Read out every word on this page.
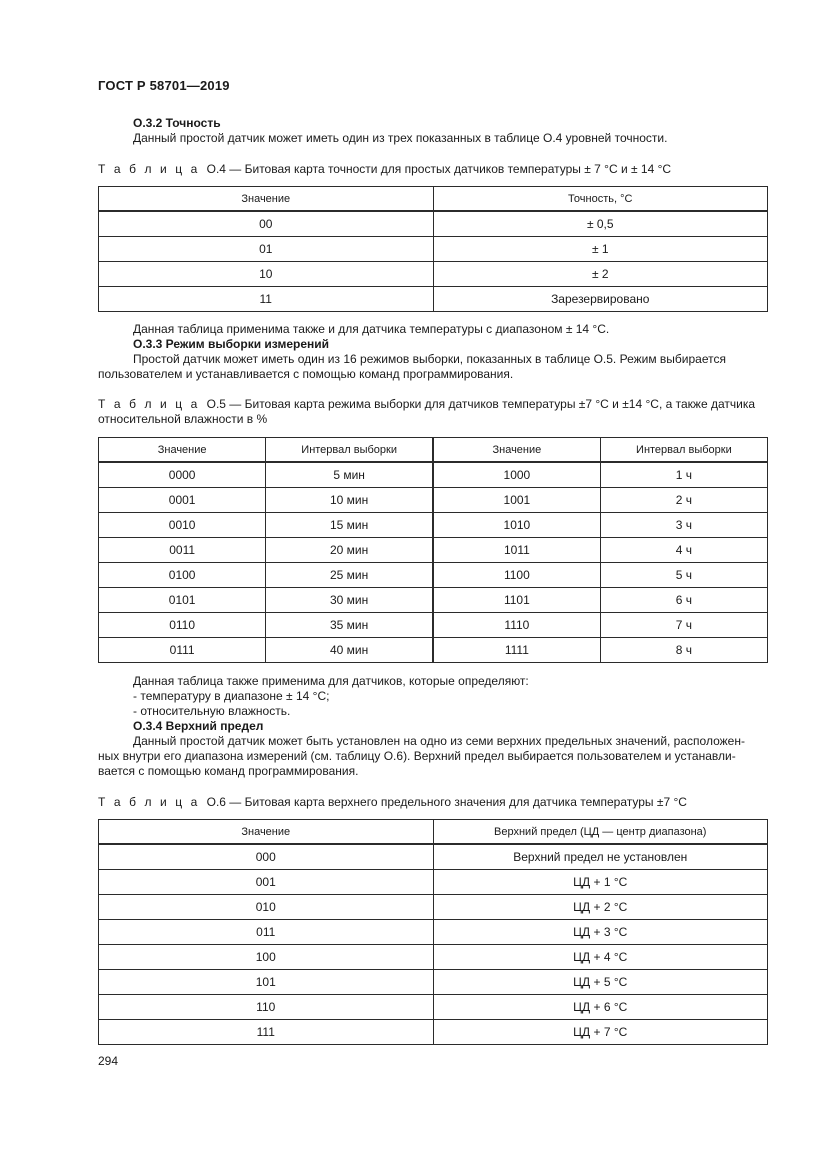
ГОСТ Р 58701—2019
О.3.2 Точность
Данный простой датчик может иметь один из трех показанных в таблице О.4 уровней точности.
Т а б л и ц а О.4 — Битовая карта точности для простых датчиков температуры ± 7 °С и ± 14 °С
Значение	Точность, °С
00	± 0,5
01	± 1
10	± 2
11	Зарезервировано
Данная таблица применима также и для датчика температуры с диапазоном ± 14 °С.
О.3.3 Режим выборки измерений
Простой датчик может иметь один из 16 режимов выборки, показанных в таблице О.5. Режим выбирается
пользователем и устанавливается с помощью команд программирования.
Т а б л и ц а О.5 — Битовая карта режима выборки для датчиков температуры ±7 °С и ±14 °С, а также датчика
относительной влажности в %
Значение	Интервал выборки	Значение	Интервал выборки
0000	5 мин	1000	1 ч
0001	10 мин	1001	2 ч
0010	15 мин	1010	3 ч
0011	20 мин	1011	4 ч
0100	25 мин	1100	5 ч
0101	30 мин	1101	6 ч
0110	35 мин	1110	7 ч
0111	40 мин	1111	8 ч
Данная таблица также применима для датчиков, которые определяют:
- температуру в диапазоне ± 14 °С;
- относительную влажность.
О.3.4 Верхний предел
Данный простой датчик может быть установлен на одно из семи верхних предельных значений, расположен-
ных внутри его диапазона измерений (см. таблицу О.6). Верхний предел выбирается пользователем и устанавли-
вается с помощью команд программирования.
Т а б л и ц а О.6 — Битовая карта верхнего предельного значения для датчика температуры ±7 °С
Значение	Верхний предел (ЦД — центр диапазона)
000	Верхний предел не установлен
001	ЦД + 1 °С
010	ЦД + 2 °С
011	ЦД + 3 °С
100	ЦД + 4 °С
101	ЦД + 5 °С
110	ЦД + 6 °С
111	ЦД + 7 °С
294
